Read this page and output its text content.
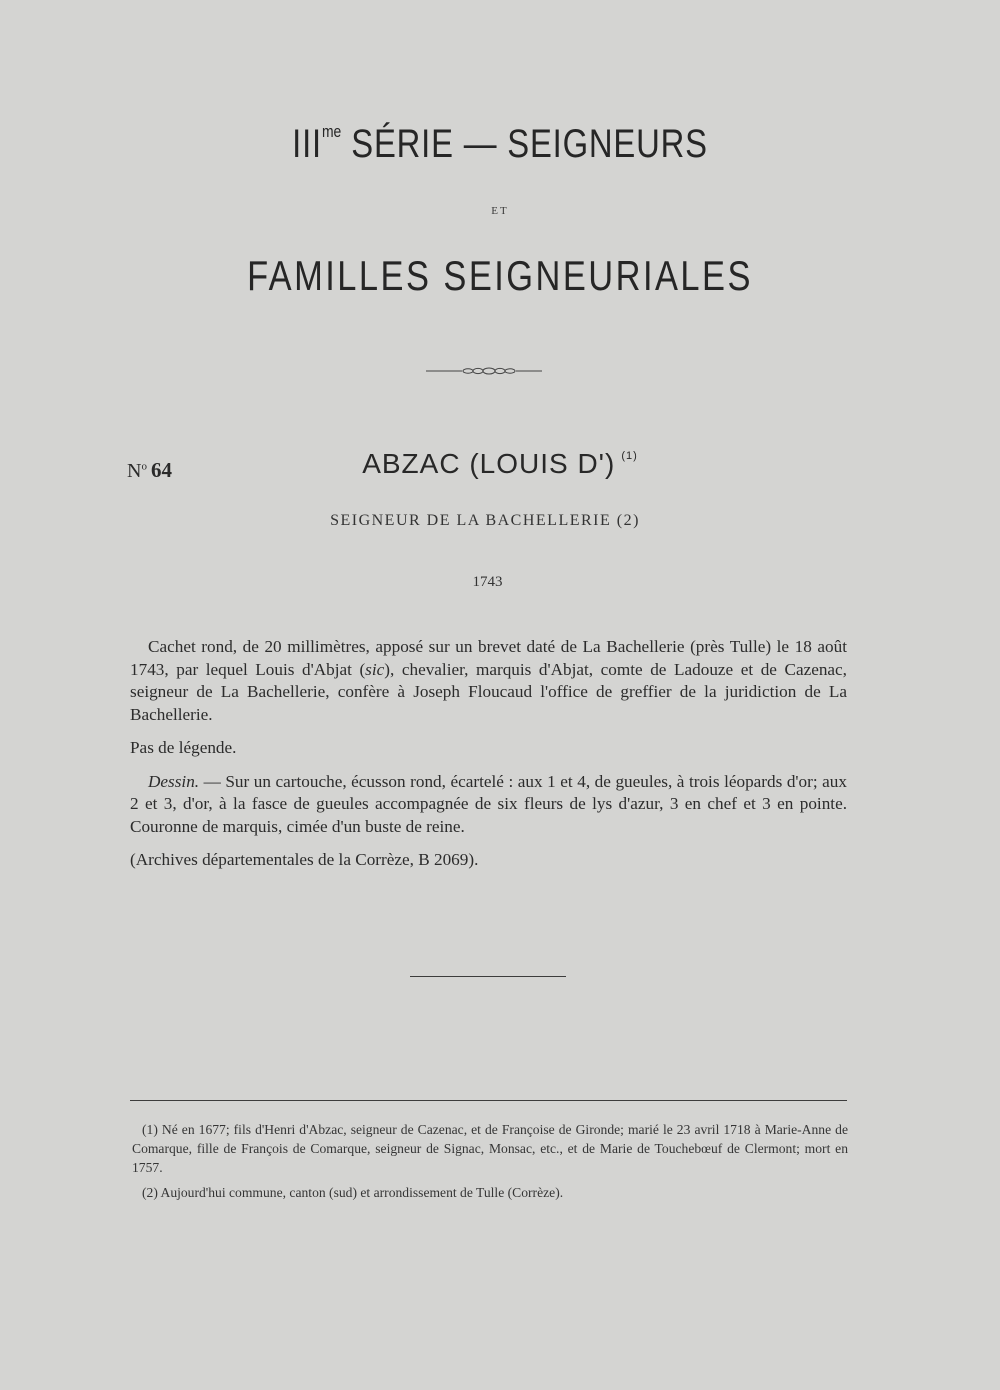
$III^{me}$ SÉRIE — SEIGNEURS
ET
FAMILLES SEIGNEURIALES
$N^o$ 64	ABZAC (LOUIS D') $^{(1)}$
SEIGNEUR DE LA BACHELLERIE (2)
1743

Cachet rond, de 20 millimètres, apposé sur un brevet daté de La Bachellerie (près Tulle) le 18 août 1743, par lequel Louis d'Abjat (sic), chevalier, marquis d'Abjat, comte de Ladouze et de Cazenac, seigneur de La Bachellerie, confère à Joseph Floucaud l'office de greffier de la juridiction de La Bachellerie.

Pas de légende.

Dessin. — Sur un cartouche, écusson rond, écartelé : aux 1 et 4, de gueules, à trois léopards d'or; aux 2 et 3, d'or, à la fasce de gueules accompagnée de six fleurs de lys d'azur, 3 en chef et 3 en pointe. Couronne de marquis, cimée d'un buste de reine.

(Archives départementales de la Corrèze, B 2069).

(1) Né en 1677; fils d'Henri d'Abzac, seigneur de Cazenac, et de Françoise de Gironde; marié le 23 avril 1718 à Marie-Anne de Comarque, fille de François de Comarque, seigneur de Signac, Monsac, etc., et de Marie de Touchebœuf de Clermont; mort en 1757.

(2) Aujourd'hui commune, canton (sud) et arrondissement de Tulle (Corrèze).
